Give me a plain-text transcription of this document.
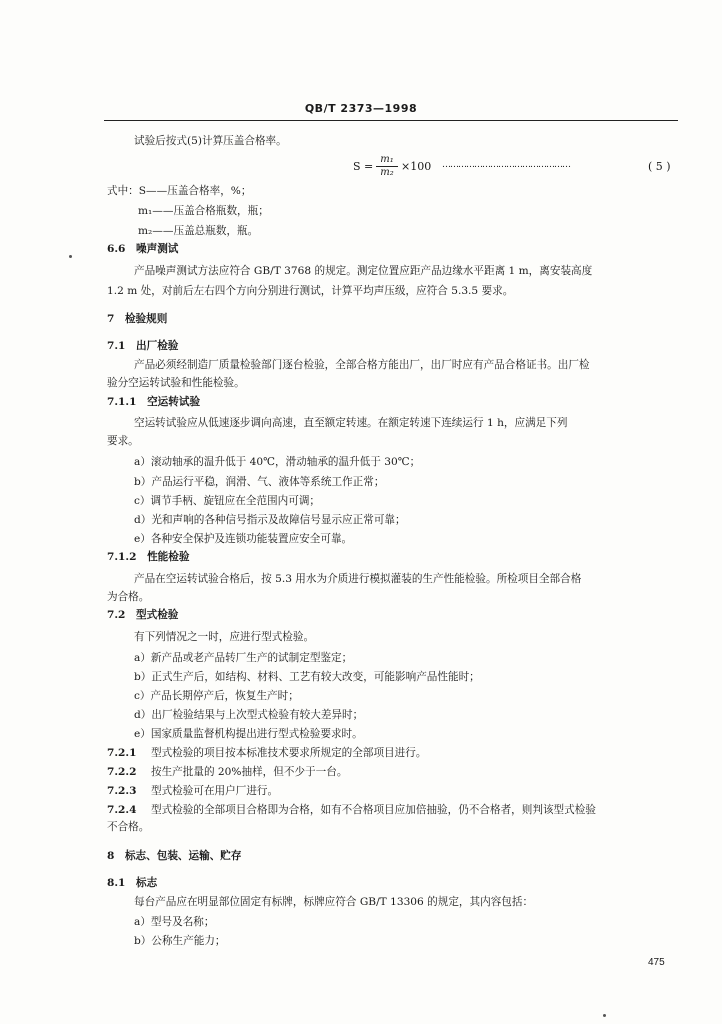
QB/T 2373—1998
试验后按式(5)计算压盖合格率。
$S = \frac{\text{m₁}}{\text{m₂}} \times 100$ …………………………………………	( 5 )
式中：S——压盖合格率，%；
m₁——压盖合格瓶数，瓶；
m₂——压盖总瓶数，瓶。
6.6　噪声测试
产品噪声测试方法应符合 GB/T 3768 的规定。测定位置应距产品边缘水平距离 1 m，离安装高度
1.2 m 处，对前后左右四个方向分别进行测试，计算平均声压级，应符合 5.3.5 要求。
7　检验规则
7.1　出厂检验
产品必须经制造厂质量检验部门逐台检验，全部合格方能出厂，出厂时应有产品合格证书。出厂检
验分空运转试验和性能检验。
7.1.1　空运转试验
空运转试验应从低速逐步调向高速，直至额定转速。在额定转速下连续运行 1 h，应满足下列
要求。
a）滚动轴承的温升低于 40℃，滑动轴承的温升低于 30℃；
b）产品运行平稳，润滑、气、液体等系统工作正常；
c）调节手柄、旋钮应在全范围内可调；
d）光和声响的各种信号指示及故障信号显示应正常可靠；
e）各种安全保护及连锁功能装置应安全可靠。
7.1.2　性能检验
产品在空运转试验合格后，按 5.3 用水为介质进行模拟灌装的生产性能检验。所检项目全部合格
为合格。
7.2　型式检验
有下列情况之一时，应进行型式检验。
a）新产品或老产品转厂生产的试制定型鉴定；
b）正式生产后，如结构、材料、工艺有较大改变，可能影响产品性能时；
c）产品长期停产后，恢复生产时；
d）出厂检验结果与上次型式检验有较大差异时；
e）国家质量监督机构提出进行型式检验要求时。
7.2.1 型式检验的项目按本标准技术要求所规定的全部项目进行。
7.2.2 按生产批量的 20%抽样，但不少于一台。
7.2.3 型式检验可在用户厂进行。
7.2.4 型式检验的全部项目合格即为合格，如有不合格项目应加倍抽验，仍不合格者，则判该型式检验
不合格。
8　标志、包装、运输、贮存
8.1　标志
每台产品应在明显部位固定有标牌，标牌应符合 GB/T 13306 的规定，其内容包括：
a）型号及名称；
b）公称生产能力；
475
